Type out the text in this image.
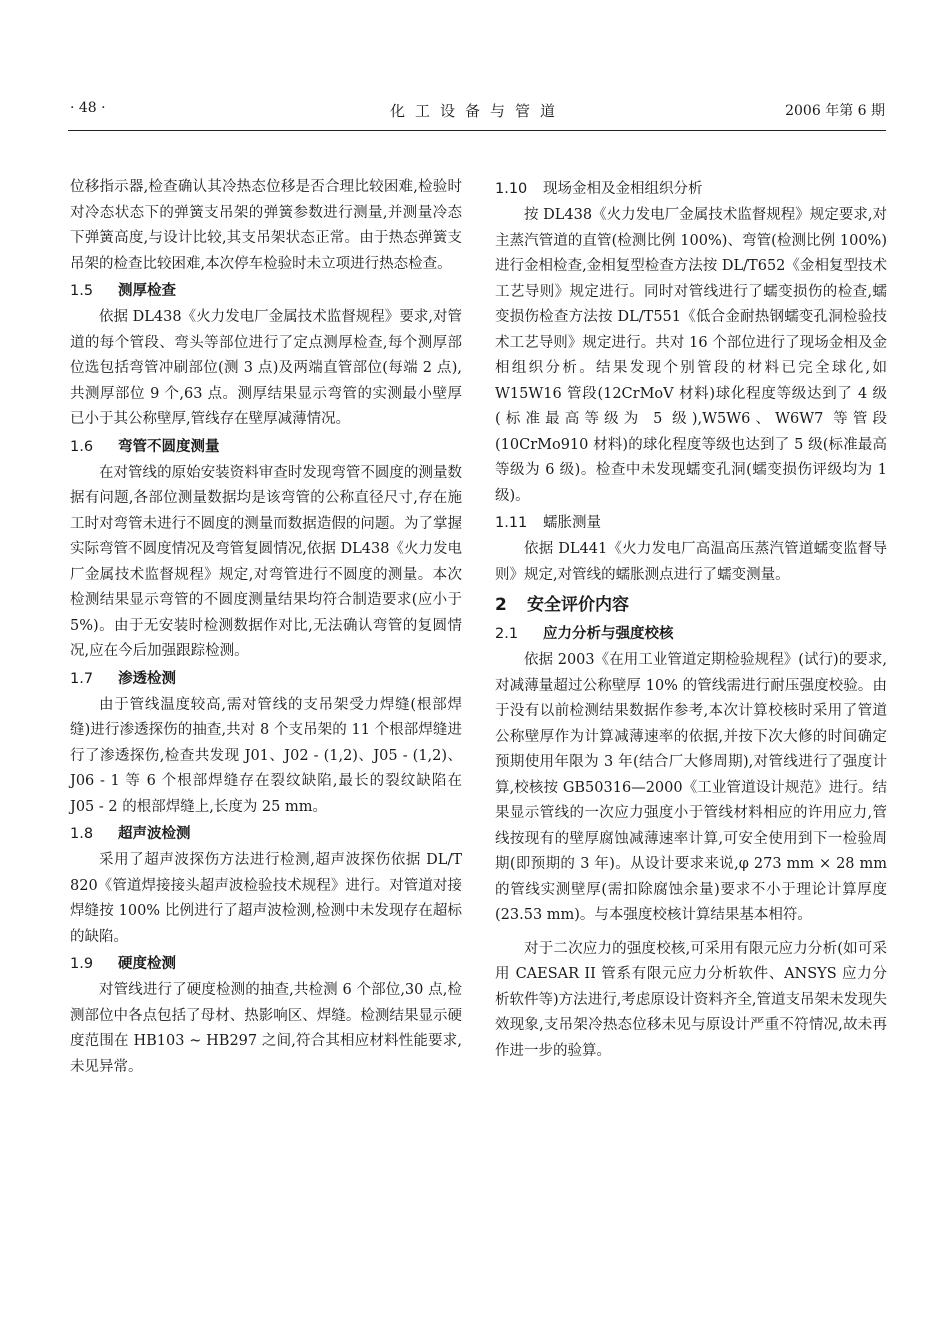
· 48 ·	化工设备与管道	2006 年第 6 期

位移指示器,检查确认其冷热态位移是否合理比较困难,检验时对冷态状态下的弹簧支吊架的弹簧参数进行测量,并测量冷态下弹簧高度,与设计比较,其支吊架状态正常。由于热态弹簧支吊架的检查比较困难,本次停车检验时未立项进行热态检查。

1.5 测厚检查

依据 DL438《火力发电厂金属技术监督规程》要求,对管道的每个管段、弯头等部位进行了定点测厚检查,每个测厚部位选包括弯管冲刷部位(测 3 点)及两端直管部位(每端 2 点),共测厚部位 9 个,63 点。测厚结果显示弯管的实测最小壁厚已小于其公称壁厚,管线存在壁厚减薄情况。

1.6 弯管不圆度测量

在对管线的原始安装资料审查时发现弯管不圆度的测量数据有问题,各部位测量数据均是该弯管的公称直径尺寸,存在施工时对弯管未进行不圆度的测量而数据造假的问题。为了掌握实际弯管不圆度情况及弯管复圆情况,依据 DL438《火力发电厂金属技术监督规程》规定,对弯管进行不圆度的测量。本次检测结果显示弯管的不圆度测量结果均符合制造要求(应小于 5%)。由于无安装时检测数据作对比,无法确认弯管的复圆情况,应在今后加强跟踪检测。

1.7 渗透检测

由于管线温度较高,需对管线的支吊架受力焊缝(根部焊缝)进行渗透探伤的抽查,共对 8 个支吊架的 11 个根部焊缝进行了渗透探伤,检查共发现 J01、J02 - (1,2)、J05 - (1,2)、J06 - 1 等 6 个根部焊缝存在裂纹缺陷,最长的裂纹缺陷在 J05 - 2 的根部焊缝上,长度为 25 mm。

1.8 超声波检测

采用了超声波探伤方法进行检测,超声波探伤依据 DL/T 820《管道焊接接头超声波检验技术规程》进行。对管道对接焊缝按 100% 比例进行了超声波检测,检测中未发现存在超标的缺陷。

1.9 硬度检测

对管线进行了硬度检测的抽查,共检测 6 个部位,30 点,检测部位中各点包括了母材、热影响区、焊缝。检测结果显示硬度范围在 HB103 ~ HB297 之间,符合其相应材料性能要求,未见异常。

1.10 现场金相及金相组织分析

按 DL438《火力发电厂金属技术监督规程》规定要求,对主蒸汽管道的直管(检测比例 100%)、弯管(检测比例 100%)进行金相检查,金相复型检查方法按 DL/T652《金相复型技术工艺导则》规定进行。同时对管线进行了蠕变损伤的检查,蠕变损伤检查方法按 DL/T551《低合金耐热钢蠕变孔洞检验技术工艺导则》规定进行。共对 16 个部位进行了现场金相及金相组织分析。结果发现个别管段的材料已完全球化,如 W15W16 管段(12CrMoV 材料)球化程度等级达到了 4 级(标准最高等级为 5 级),W5W6、W6W7 等管段(10CrMo910 材料)的球化程度等级也达到了 5 级(标准最高等级为 6 级)。检查中未发现蠕变孔洞(蠕变损伤评级均为 1 级)。

1.11 蠕胀测量

依据 DL441《火力发电厂高温高压蒸汽管道蠕变监督导则》规定,对管线的蠕胀测点进行了蠕变测量。

2 安全评价内容
2.1 应力分析与强度校核

依据 2003《在用工业管道定期检验规程》(试行)的要求,对减薄量超过公称壁厚 10% 的管线需进行耐压强度校验。由于没有以前检测结果数据作参考,本次计算校核时采用了管道公称壁厚作为计算减薄速率的依据,并按下次大修的时间确定预期使用年限为 3 年(结合厂大修周期),对管线进行了强度计算,校核按 GB50316—2000《工业管道设计规范》进行。结果显示管线的一次应力强度小于管线材料相应的许用应力,管线按现有的壁厚腐蚀减薄速率计算,可安全使用到下一检验周期(即预期的 3 年)。从设计要求来说,φ 273 mm × 28 mm 的管线实测壁厚(需扣除腐蚀余量)要求不小于理论计算厚度(23.53 mm)。与本强度校核计算结果基本相符。

对于二次应力的强度校核,可采用有限元应力分析(如可采用 CAESAR II 管系有限元应力分析软件、ANSYS 应力分析软件等)方法进行,考虑原设计资料齐全,管道支吊架未发现失效现象,支吊架冷热态位移未见与原设计严重不符情况,故未再作进一步的验算。
